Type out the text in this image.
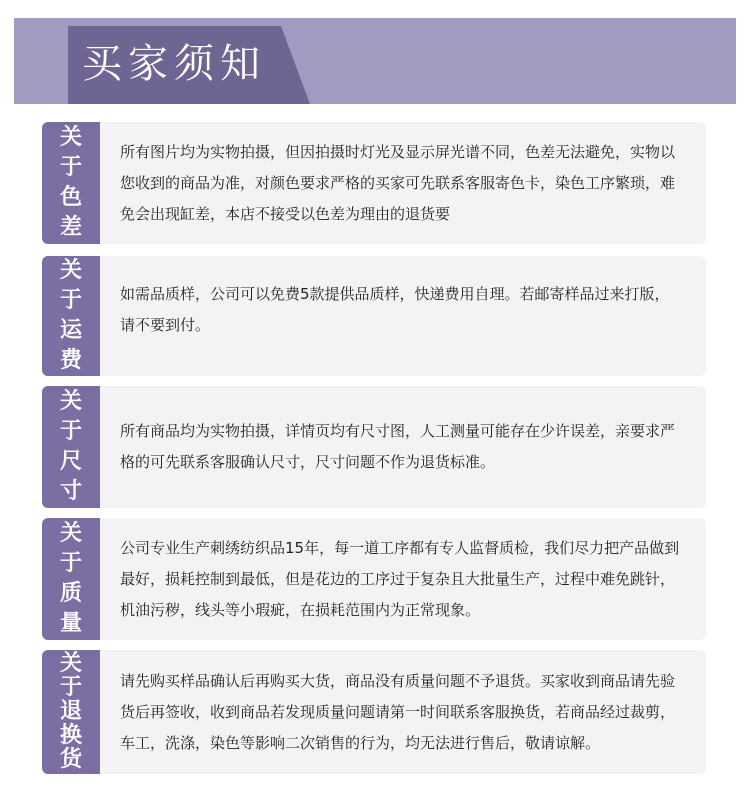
买家须知
关
于
色
差
所有图片均为实物拍摄，但因拍摄时灯光及显示屏光谱不同，色差无法避免，实物以您收到的商品为准，对颜色要求严格的买家可先联系客服寄色卡，染色工序繁琐，难免会出现缸差，本店不接受以色差为理由的退货要
关
于
运
费
如需品质样，公司可以免费5款提供品质样，快递费用自理。若邮寄样品过来打版，请不要到付。
关
于
尺
寸
所有商品均为实物拍摄，详情页均有尺寸图，人工测量可能存在少许误差，亲要求严格的可先联系客服确认尺寸，尺寸问题不作为退货标准。
关
于
质
量
公司专业生产刺绣纺织品15年，每一道工序都有专人监督质检，我们尽力把产品做到最好，损耗控制到最低，但是花边的工序过于复杂且大批量生产，过程中难免跳针，机油污秽，线头等小瑕疵，在损耗范围内为正常现象。
关
于
退
换
货
请先购买样品确认后再购买大货，商品没有质量问题不予退货。买家收到商品请先验货后再签收，收到商品若发现质量问题请第一时间联系客服换货，若商品经过裁剪，车工，洗涤，染色等影响二次销售的行为，均无法进行售后，敬请谅解。
